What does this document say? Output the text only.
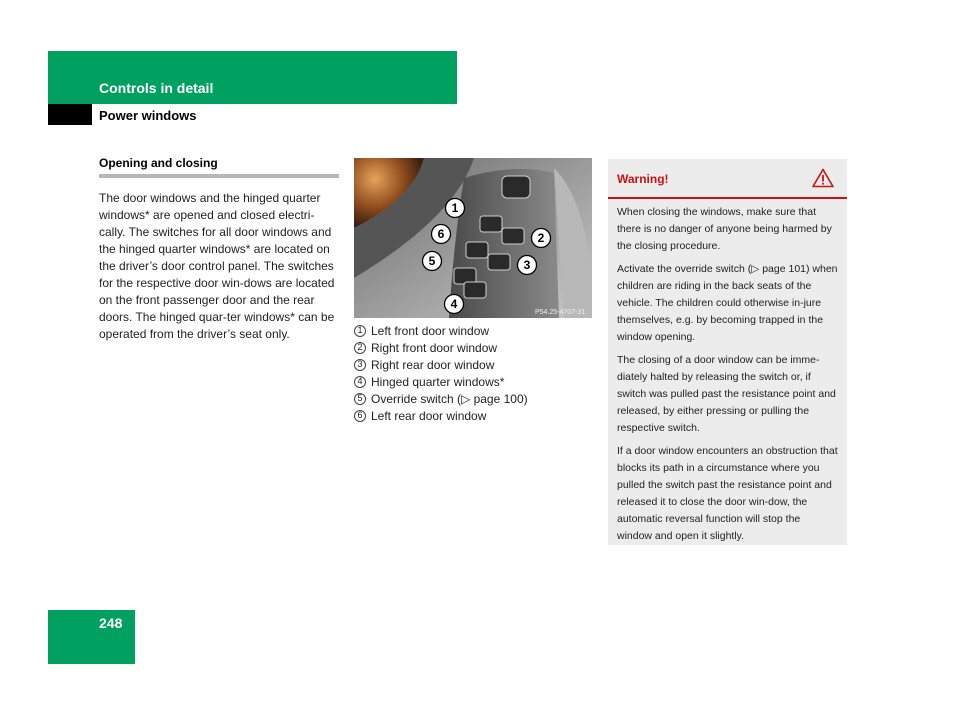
Controls in detail
Power windows
Opening and closing

The door windows and the hinged quarter windows* are opened and closed electri-cally. The switches for all door windows and the hinged quarter windows* are located on the driver’s door control panel. The switches for the respective door win-dows are located on the front passenger door and the rear doors. The hinged quar-ter windows* can be operated from the driver’s seat only.

1
2
3
4
5
6
P54.25-4707-31
1 Left front door window
2 Right front door window
3 Right rear door window
4 Hinged quarter windows*
5 Override switch (▷ page 100)
6 Left rear door window
Warning!

When closing the windows, make sure that there is no danger of anyone being harmed by the closing procedure.

Activate the override switch (▷ page 101) when children are riding in the back seats of the vehicle. The children could otherwise in-jure themselves, e.g. by becoming trapped in the window opening.

The closing of a door window can be imme-diately halted by releasing the switch or, if switch was pulled past the resistance point and released, by either pressing or pulling the respective switch.

If a door window encounters an obstruction that blocks its path in a circumstance where you pulled the switch past the resistance point and released it to close the door win-dow, the automatic reversal function will stop the window and open it slightly.

248
